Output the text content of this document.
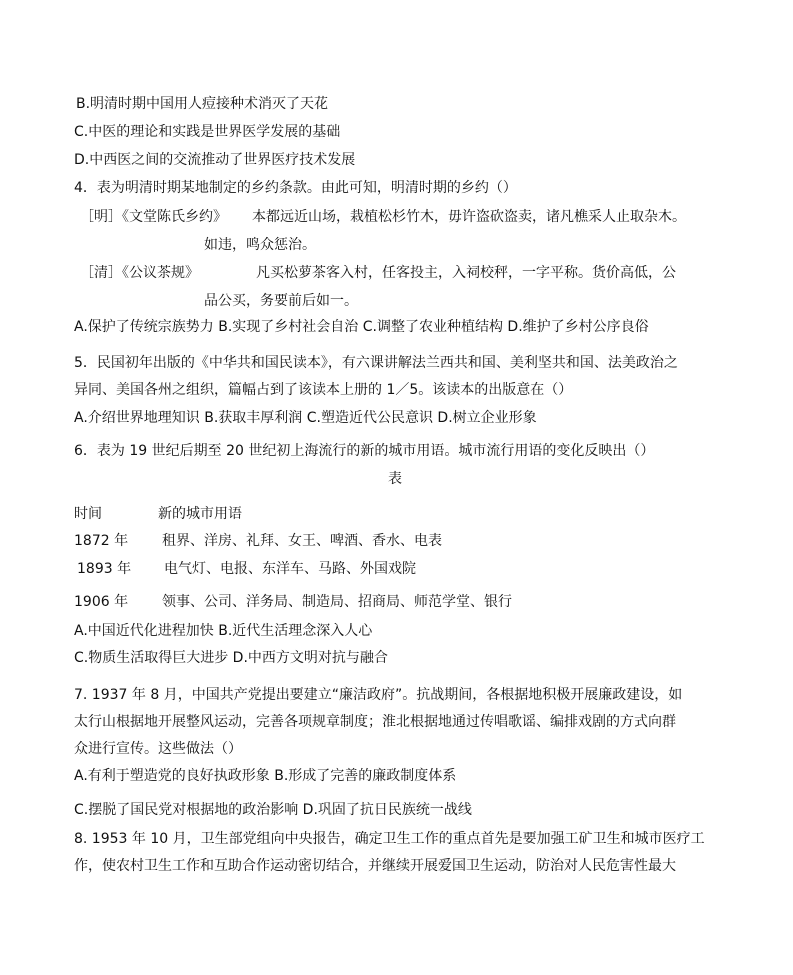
B.明清时期中国用人痘接种术消灭了天花
C.中医的理论和实践是世界医学发展的基础
D.中西医之间的交流推动了世界医疗技术发展
4．表为明清时期某地制定的乡约条款。由此可知，明清时期的乡约（）
［明］《文堂陈氏乡约》 本都远近山场，栽植松杉竹木，毋许盗砍盗卖，诸凡樵采人止取杂木。
如违，鸣众惩治。
［清］《公议茶规》	凡买松萝茶客入村，任客投主，入祠校秤，一字平称。货价高低，公
品公买，务要前后如一。
A.保护了传统宗族势力 B.实现了乡村社会自治 C.调整了农业种植结构 D.维护了乡村公序良俗
5．民国初年出版的《中华共和国民读本》，有六课讲解法兰西共和国、美利坚共和国、法美政治之
异同、美国各州之组织，篇幅占到了该读本上册的 1／5。该读本的出版意在（）
A.介绍世界地理知识 B.获取丰厚利润 C.塑造近代公民意识 D.树立企业形象
6．表为 19 世纪后期至 20 世纪初上海流行的新的城市用语。城市流行用语的变化反映出（）
表
时间	新的城市用语
1872 年 租界、洋房、礼拜、女王、啤酒、香水、电表
1893 年 电气灯、电报、东洋车、马路、外国戏院
1906 年 领事、公司、洋务局、制造局、招商局、师范学堂、银行
A.中国近代化进程加快 B.近代生活理念深入人心
C.物质生活取得巨大进步 D.中西方文明对抗与融合
7. 1937 年 8 月，中国共产党提出要建立“廉洁政府”。抗战期间，各根据地积极开展廉政建设，如
太行山根据地开展整风运动，完善各项规章制度；淮北根据地通过传唱歌谣、编排戏剧的方式向群
众进行宣传。这些做法（）
A.有利于塑造党的良好执政形象 B.形成了完善的廉政制度体系
C.摆脱了国民党对根据地的政治影响 D.巩固了抗日民族统一战线
8. 1953 年 10 月，卫生部党组向中央报告，确定卫生工作的重点首先是要加强工矿卫生和城市医疗工
作，使农村卫生工作和互助合作运动密切结合，并继续开展爱国卫生运动，防治对人民危害性最大
